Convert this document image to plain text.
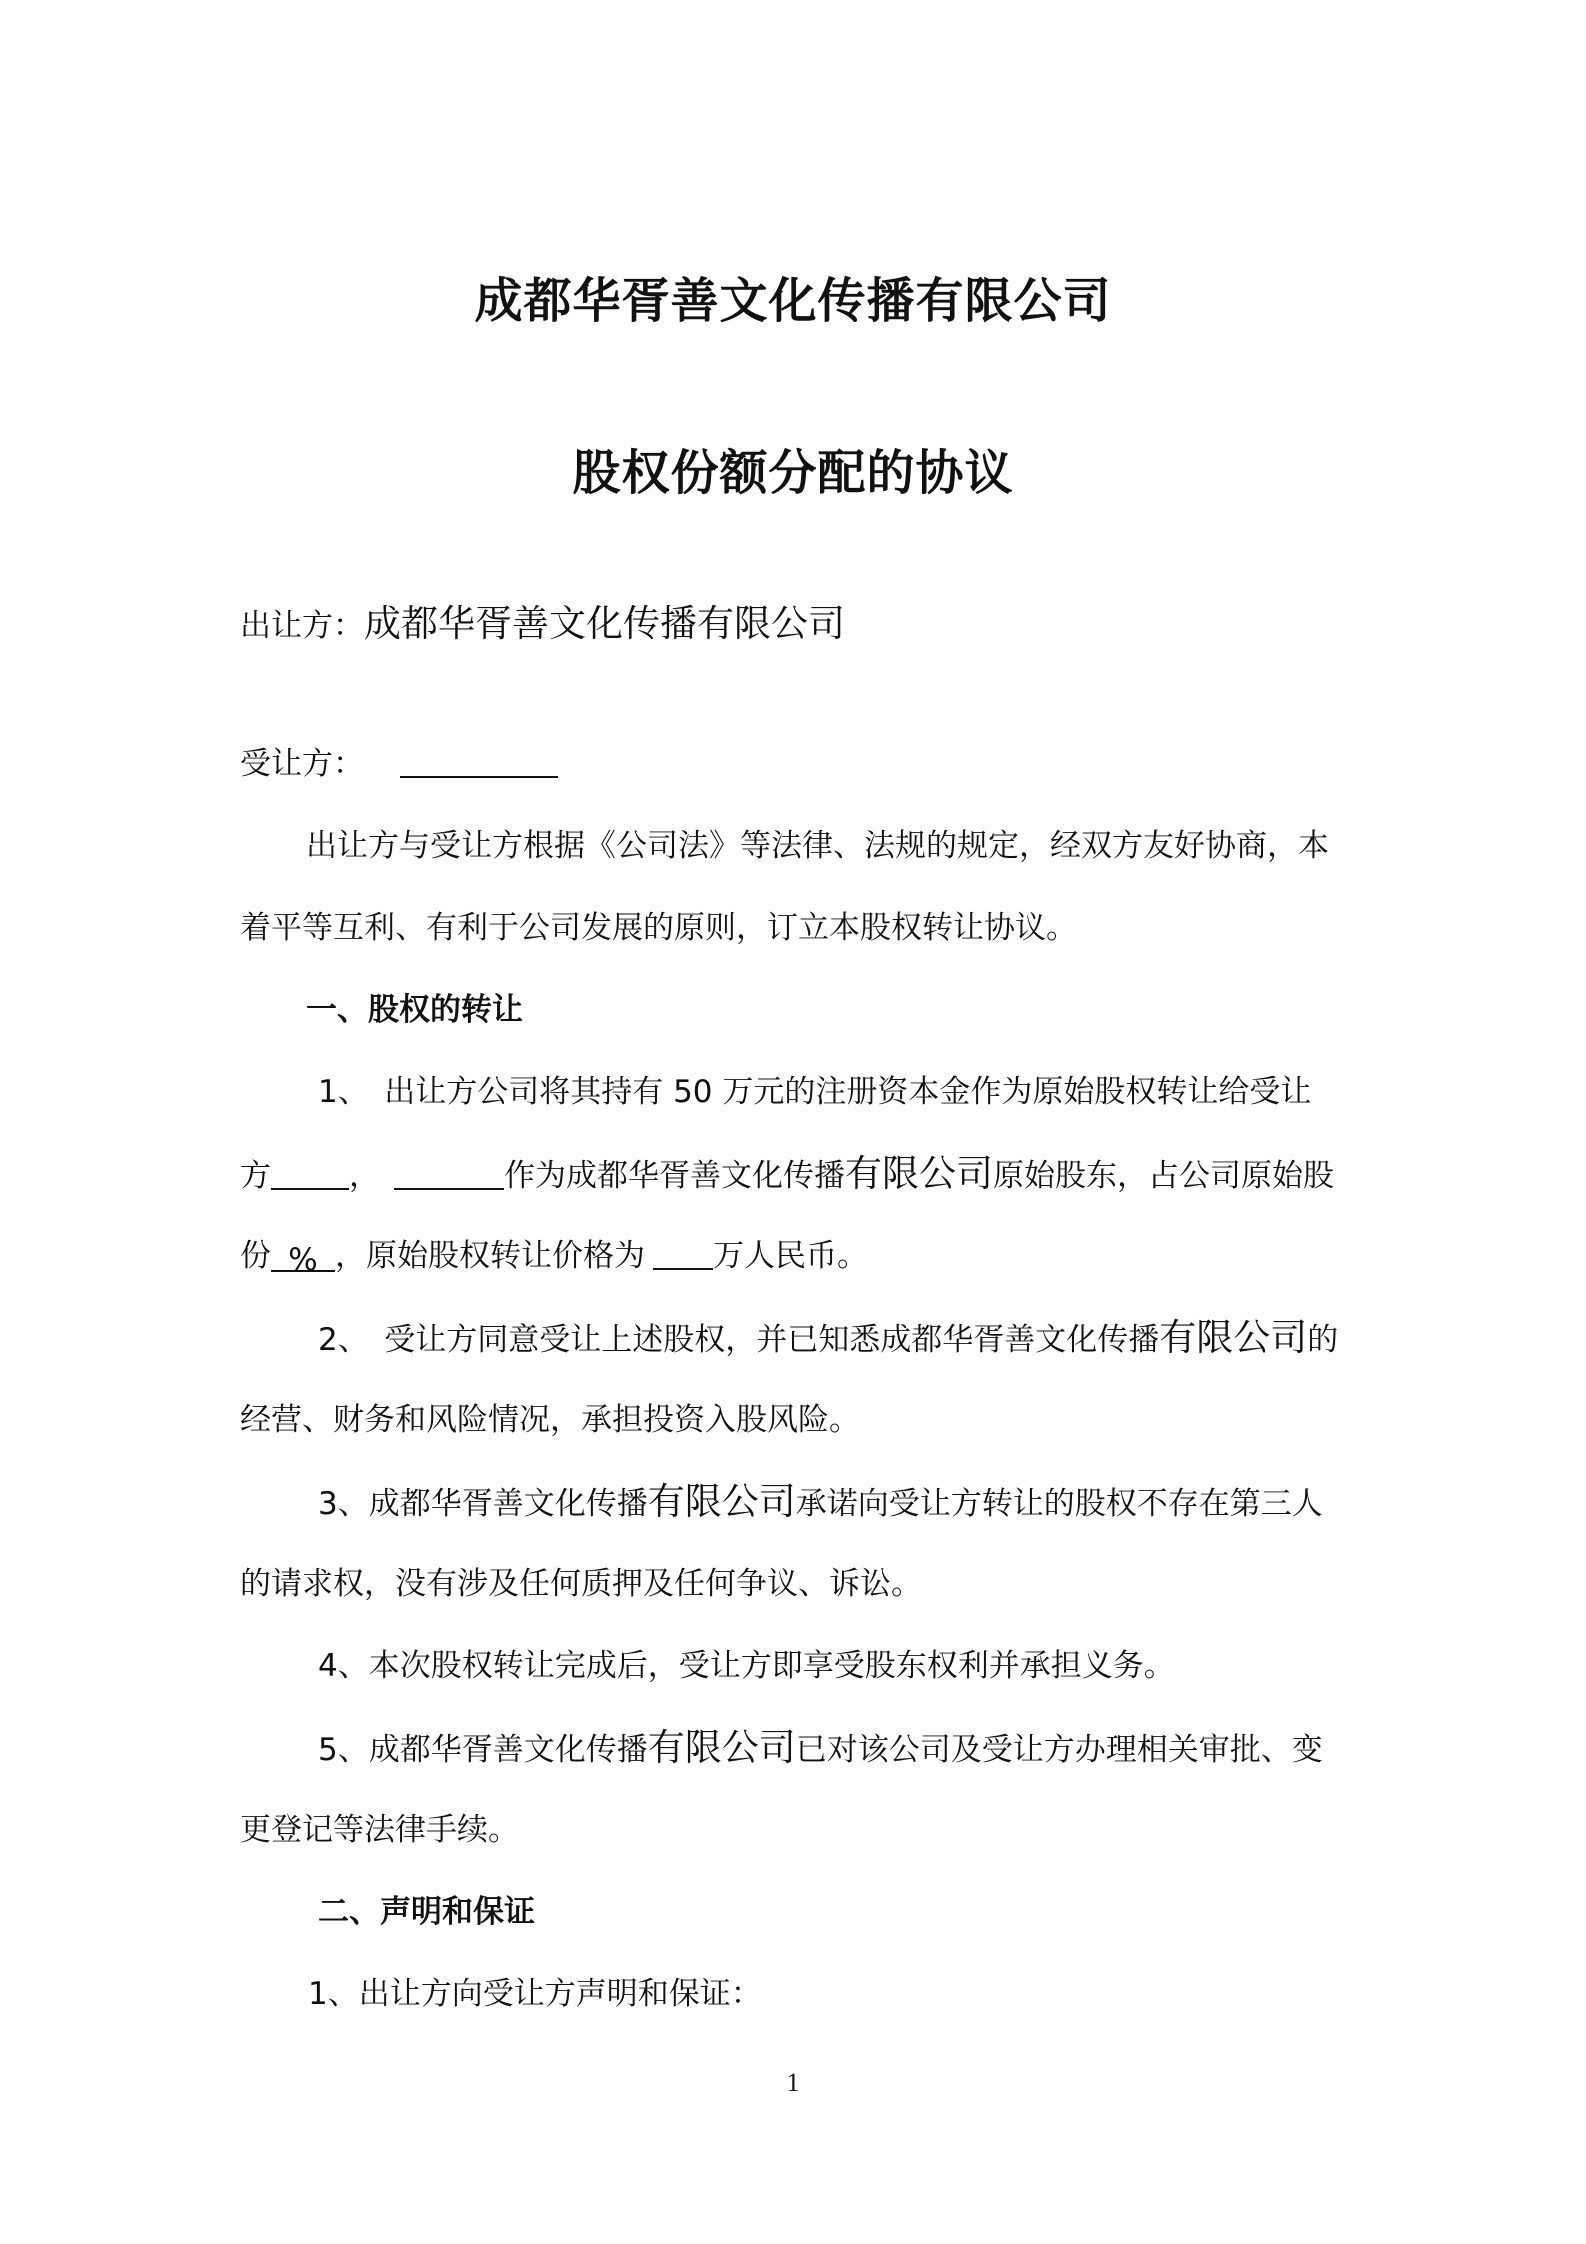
成都华胥善文化传播有限公司
股权份额分配的协议
出让方：成都华胥善文化传播有限公司
受让方：
出让方与受让方根据《公司法》等法律、法规的规定，经双方友好协商，本
着平等互利、有利于公司发展的原则，订立本股权转让协议。
一、股权的转让
1、　出让方公司将其持有 50 万元的注册资本金作为原始股权转让给受让
方	，	作为成都华胥善文化传播有限公司原始股东，占公司原始股
份 % ，原始股权转让价格为 万人民币。
2、　受让方同意受让上述股权，并已知悉成都华胥善文化传播有限公司的
经营、财务和风险情况，承担投资入股风险。
3、成都华胥善文化传播有限公司承诺向受让方转让的股权不存在第三人
的请求权，没有涉及任何质押及任何争议、诉讼。
4、本次股权转让完成后，受让方即享受股东权利并承担义务。
5、成都华胥善文化传播有限公司已对该公司及受让方办理相关审批、变
更登记等法律手续。
二、声明和保证
1、出让方向受让方声明和保证：
1
